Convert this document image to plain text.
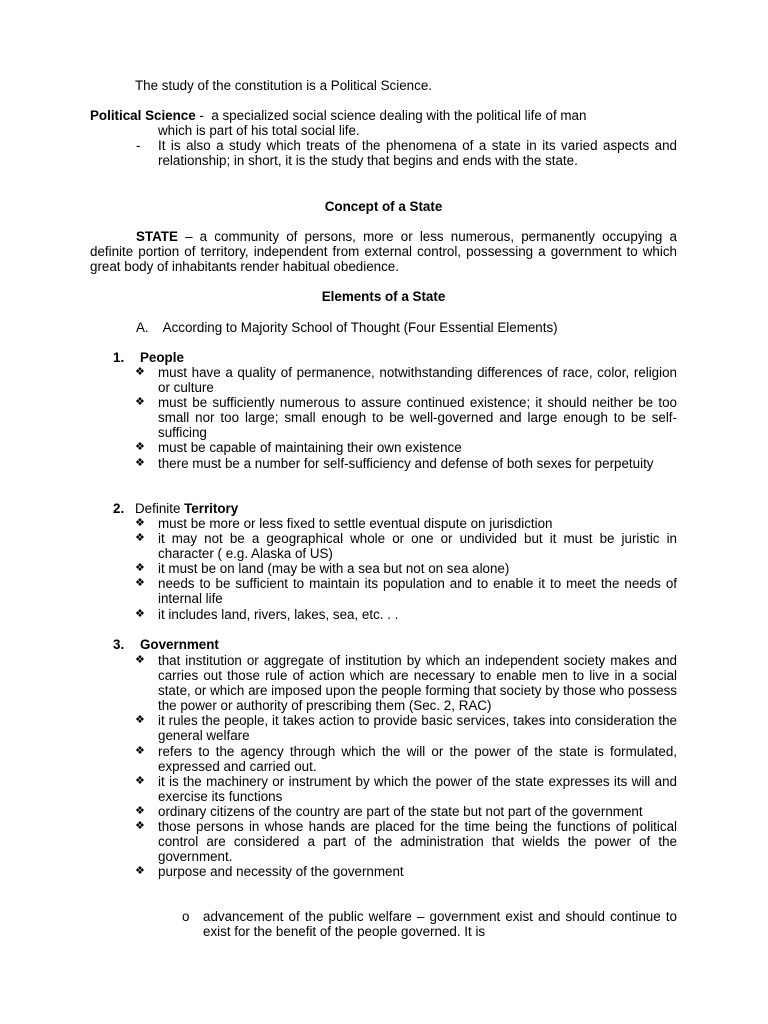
The study of the constitution is a Political Science.
Political Science -  a specialized social science dealing with the political life of man
which is part of his total social life.
- It is also a study which treats of the phenomena of a state in its varied aspects and relationship; in short, it is the study that begins and ends with the state.
Concept of a State
STATE – a community of persons, more or less numerous, permanently occupying a definite portion of territory, independent from external control, possessing a government to which great body of inhabitants render habitual obedience.
Elements of a State
A. According to Majority School of Thought (Four Essential Elements)
1. People
❖ must have a quality of permanence, notwithstanding differences of race, color, religion or culture
❖ must be sufficiently numerous to assure continued existence; it should neither be too small nor too large; small enough to be well-governed and large enough to be self-sufficing
❖ must be capable of maintaining their own existence
❖ there must be a number for self-sufficiency and defense of both sexes for perpetuity
2. Definite Territory
❖ must be more or less fixed to settle eventual dispute on jurisdiction
❖ it may not be a geographical whole or one or undivided but it must be juristic in character ( e.g. Alaska of US)
❖ it must be on land (may be with a sea but not on sea alone)
❖ needs to be sufficient to maintain its population and to enable it to meet the needs of internal life
❖ it includes land, rivers, lakes, sea, etc. . .
3. Government
❖ that institution or aggregate of institution by which an independent society makes and carries out those rule of action which are necessary to enable men to live in a social state, or which are imposed upon the people forming that society by those who possess the power or authority of prescribing them (Sec. 2, RAC)
❖ it rules the people, it takes action to provide basic services, takes into consideration the general welfare
❖ refers to the agency through which the will or the power of the state is formulated, expressed and carried out.
❖ it is the machinery or instrument by which the power of the state expresses its will and exercise its functions
❖ ordinary citizens of the country are part of the state but not part of the government
❖ those persons in whose hands are placed for the time being the functions of political control are considered a part of the administration that wields the power of the government.
❖ purpose and necessity of the government
o advancement of the public welfare – government exist and should continue to exist for the benefit of the people governed. It is
